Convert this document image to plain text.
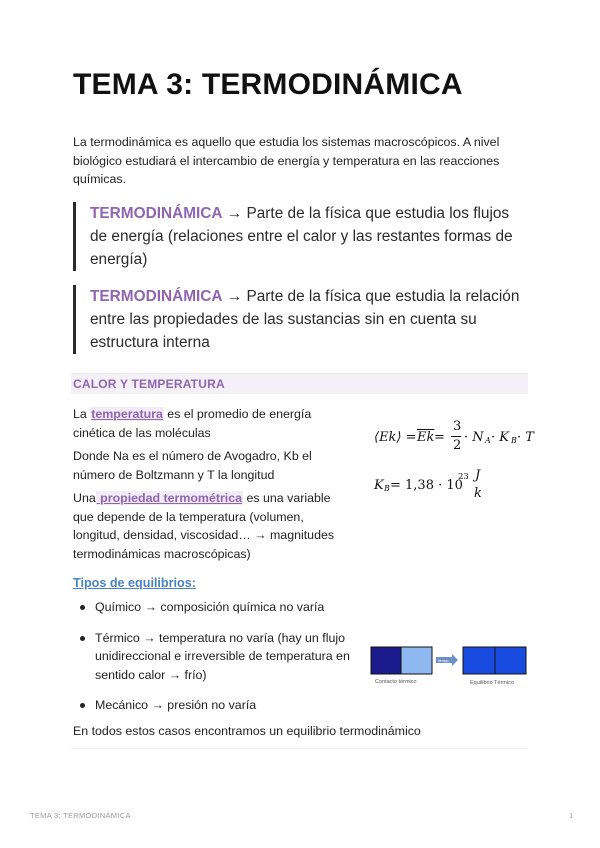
TEMA 3: TERMODINÁMICA

La termodinámica es aquello que estudia los sistemas macroscópicos. A nivel biológico estudiará el intercambio de energía y temperatura en las reacciones químicas.

TERMODINÁMICA → Parte de la física que estudia los flujos de energía (relaciones entre el calor y las restantes formas de energía)
TERMODINÁMICA → Parte de la física que estudia la relación entre las propiedades de las sustancias sin en cuenta su estructura interna
CALOR Y TEMPERATURA

La temperatura es el promedio de energía cinética de las moléculas

Donde Na es el número de Avogadro, Kb el número de Boltzmann y T la longitud

Una propiedad termométrica es una variable que depende de la temperatura (volumen, longitud, densidad, viscosidad… → magnitudes termodinámicas macroscópicas)

⟨Ek⟩ = $\overline{Ek}$ =
3
2
· N A · K B · T
K B = 1,38 · 10
23 J
k
Tipos de equilibrios:
Químico → composición química no varía
Térmico → temperatura no varía (hay un flujo unidireccional e irreversible de temperatura en sentido calor → frío)
Mecánico → presión no varía
tiempo
Contacto térmico	Equilibrio Térmico

En todos estos casos encontramos un equilibrio termodinámico

TEMA 3: TERMODINÁMICA	1
